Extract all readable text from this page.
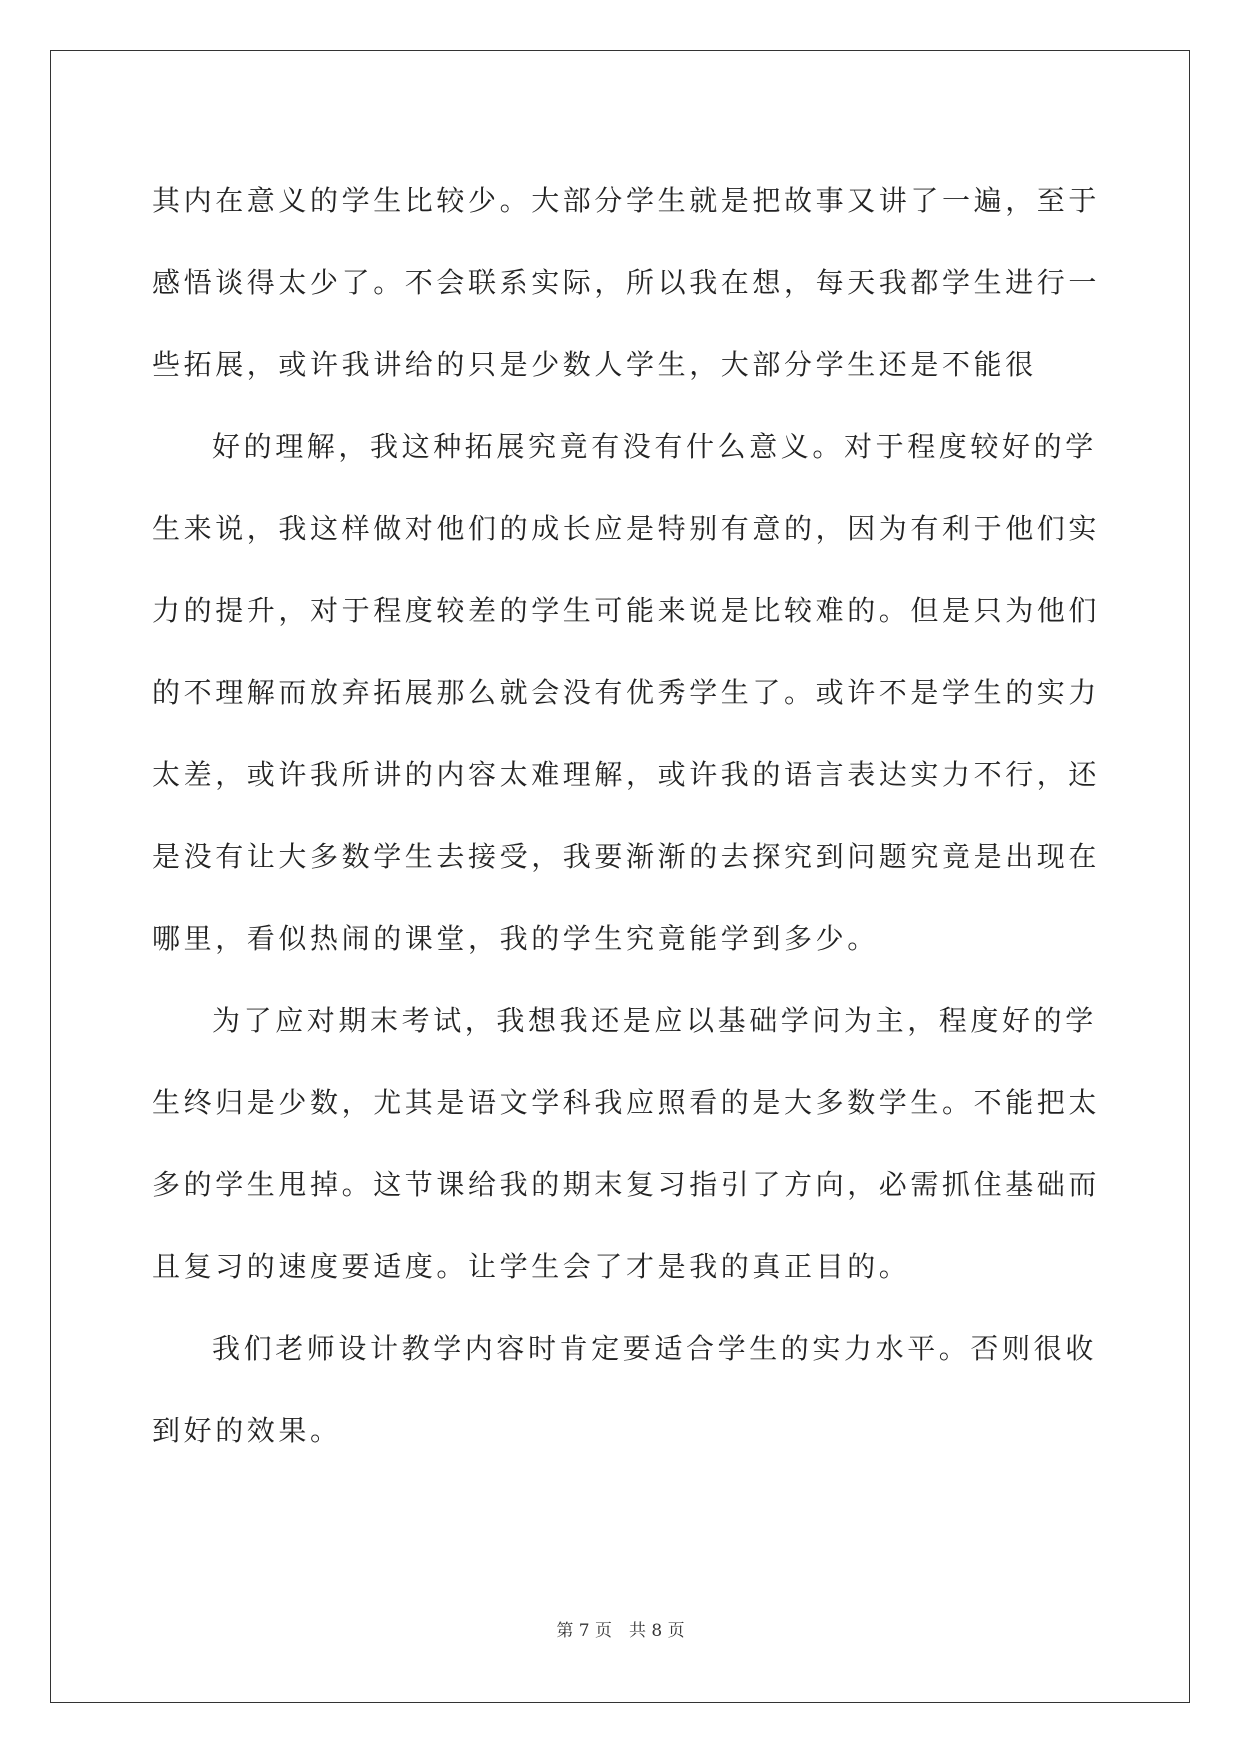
其内在意义的学生比较少。大部分学生就是把故事又讲了一遍，至于
感悟谈得太少了。不会联系实际，所以我在想，每天我都学生进行一
些拓展，或许我讲给的只是少数人学生，大部分学生还是不能很
好的理解，我这种拓展究竟有没有什么意义。对于程度较好的学
生来说，我这样做对他们的成长应是特别有意的，因为有利于他们实
力的提升，对于程度较差的学生可能来说是比较难的。但是只为他们
的不理解而放弃拓展那么就会没有优秀学生了。或许不是学生的实力
太差，或许我所讲的内容太难理解，或许我的语言表达实力不行，还
是没有让大多数学生去接受，我要渐渐的去探究到问题究竟是出现在
哪里，看似热闹的课堂，我的学生究竟能学到多少。
为了应对期末考试，我想我还是应以基础学问为主，程度好的学
生终归是少数，尤其是语文学科我应照看的是大多数学生。不能把太
多的学生甩掉。这节课给我的期末复习指引了方向，必需抓住基础而
且复习的速度要适度。让学生会了才是我的真正目的。
我们老师设计教学内容时肯定要适合学生的实力水平。否则很收
到好的效果。
第 7 页　共 8 页
